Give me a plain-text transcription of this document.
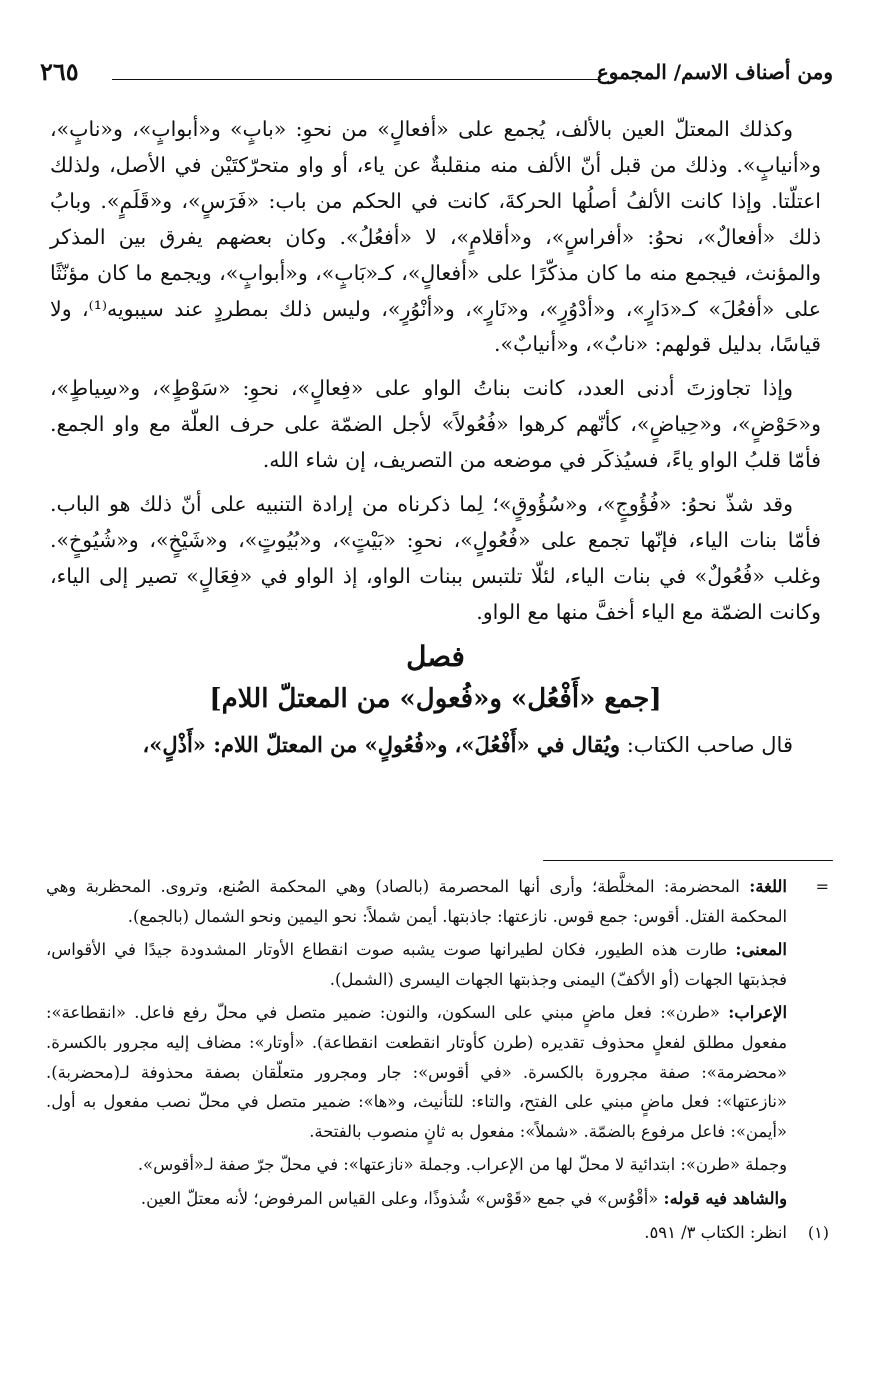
ومن أصناف الاسم/ المجموع
٢٦٥

وكذلك المعتلّ العين بالألف، يُجمع على «أفعالٍ» من نحوِ: «بابٍ» و«أبوابٍ»، و«نابٍ»، و«أنيابٍ». وذلك من قبل أنّ الألف منه منقلبةٌ عن ياء، أو واو متحرّكتَيْن في الأصل، ولذلك اعتلّتا. وإذا كانت الألفُ أصلُها الحركةَ، كانت في الحكم من باب: «فَرَسٍ»، و«قَلَمٍ». وبابُ ذلك «أفعالٌ»، نحوُ: «أفراسٍ»، و«أقلامٍ»، لا «أفعُلُ». وكان بعضهم يفرق بين المذكر والمؤنث، فيجمع منه ما كان مذكّرًا على «أفعالٍ»، كـ«بَابٍ»، و«أبوابٍ»، ويجمع ما كان مؤنّثًا على «أفعُلَ» كـ«دَارٍ»، و«أدْوُرٍ»، و«نَارٍ»، و«أنْوُرٍ»، وليس ذلك بمطردٍ عند سيبويه⁽¹⁾، ولا قياسًا، بدليل قولهم: «نابٌ»، و«أنيابٌ».

وإذا تجاوزتَ أدنى العدد، كانت بناتُ الواو على «فِعالٍ»، نحوِ: «سَوْطٍ»، و«سِياطٍ»، و«حَوْضٍ»، و«حِياضٍ»، كأنّهم كرهوا «فُعُولاً» لأجل الضمّة على حرف العلّة مع واو الجمع. فأمّا قلبُ الواو ياءً، فسيُذكَر في موضعه من التصريف، إن شاء الله.

وقد شذّ نحوُ: «فُؤُوجٍ»، و«سُؤُوقٍ»؛ لِما ذكرناه من إرادة التنبيه على أنّ ذلك هو الباب. فأمّا بنات الياء، فإنّها تجمع على «فُعُولٍ»، نحوِ: «بَيْتٍ»، و«بُيُوتٍ»، و«شَيْخٍ»، و«شُيُوخٍ». وغلب «فُعُولٌ» في بنات الياء، لئلّا تلتبس ببنات الواو، إذ الواو في «فِعَالٍ» تصير إلى الياء، وكانت الضمّة مع الياء أخفَّ منها مع الواو.

فصل
[جمع «أَفْعُل» و«فُعول» من المعتلّ اللام]

قال صاحب الكتاب: ويُقال في «أَفْعُلَ»، و«فُعُولٍ» من المعتلّ اللام: «أَذْلٍ»،

=

اللغة: المحضرمة: المخلَّطة؛ وأرى أنها المحصرمة (بالصاد) وهي المحكمة الصُنع، وتروى. المحظربة وهي المحكمة الفتل. أقوس: جمع قوس. نازعتها: جاذبتها. أيمن شملاً: نحو اليمين ونحو الشمال (بالجمع).

المعنى: طارت هذه الطيور، فكان لطيرانها صوت يشبه صوت انقطاع الأوتار المشدودة جيدًا في الأقواس، فجذبتها الجهات (أو الأكفّ) اليمنى وجذبتها الجهات اليسرى (الشمل).

الإعراب: «طرن»: فعل ماضٍ مبني على السكون، والنون: ضمير متصل في محلّ رفع فاعل. «انقطاعة»: مفعول مطلق لفعلٍ محذوف تقديره (طرن كأوتار انقطعت انقطاعة). «أوتار»: مضاف إليه مجرور بالكسرة. «محضرمة»: صفة مجرورة بالكسرة. «في أقوس»: جار ومجرور متعلّقان بصفة محذوفة لـ(محضربة). «نازعتها»: فعل ماضٍ مبني على الفتح، والتاء: للتأنيث، و«ها»: ضمير متصل في محلّ نصب مفعول به أول. «أيمن»: فاعل مرفوع بالضمّة. «شملاً»: مفعول به ثانٍ منصوب بالفتحة.

وجملة «طرن»: ابتدائية لا محلّ لها من الإعراب. وجملة «نازعتها»: في محلّ جرّ صفة لـ«أقوس».

والشاهد فيه قوله: «أقْوُس» في جمع «قَوْس» شُذوذًا، وعلى القياس المرفوض؛ لأنه معتلّ العين.

(١)
انظر: الكتاب ٣/ ٥٩١.
